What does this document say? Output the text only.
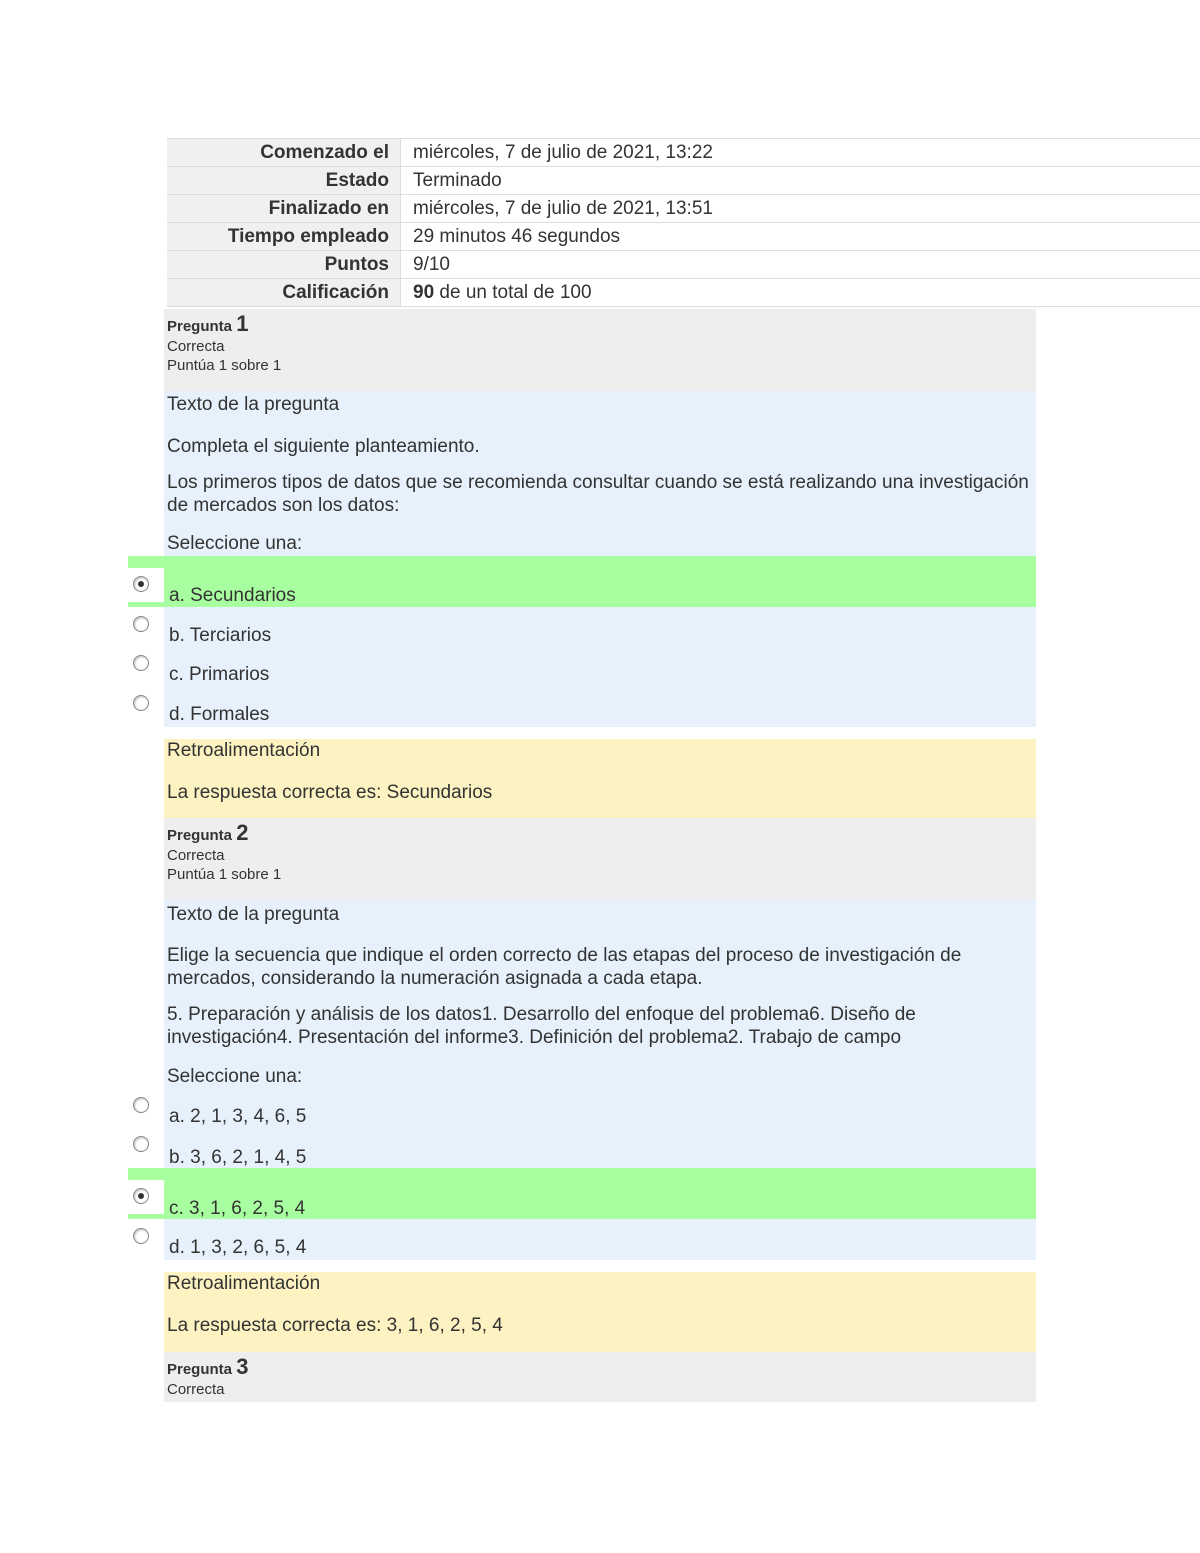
Comenzado el	miércoles, 7 de julio de 2021, 13:22
Estado	Terminado
Finalizado en	miércoles, 7 de julio de 2021, 13:51
Tiempo empleado	29 minutos 46 segundos
Puntos	9/10
Calificación	90 de un total de 100
Pregunta 1
Correcta
Puntúa 1 sobre 1
Texto de la pregunta
Completa el siguiente planteamiento.
Los primeros tipos de datos que se recomienda consultar cuando se está realizando una investigación de mercados son los datos:
Seleccione una:
a. Secundarios
b. Terciarios
c. Primarios
d. Formales
Retroalimentación
La respuesta correcta es: Secundarios
Pregunta 2
Correcta
Puntúa 1 sobre 1
Texto de la pregunta
Elige la secuencia que indique el orden correcto de las etapas del proceso de investigación de mercados, considerando la numeración asignada a cada etapa.
5. Preparación y análisis de los datos1. Desarrollo del enfoque del problema6. Diseño de investigación4. Presentación del informe3. Definición del problema2. Trabajo de campo
Seleccione una:
a. 2, 1, 3, 4, 6, 5
b. 3, 6, 2, 1, 4, 5
c. 3, 1, 6, 2, 5, 4
d. 1, 3, 2, 6, 5, 4
Retroalimentación
La respuesta correcta es: 3, 1, 6, 2, 5, 4
Pregunta 3
Correcta
